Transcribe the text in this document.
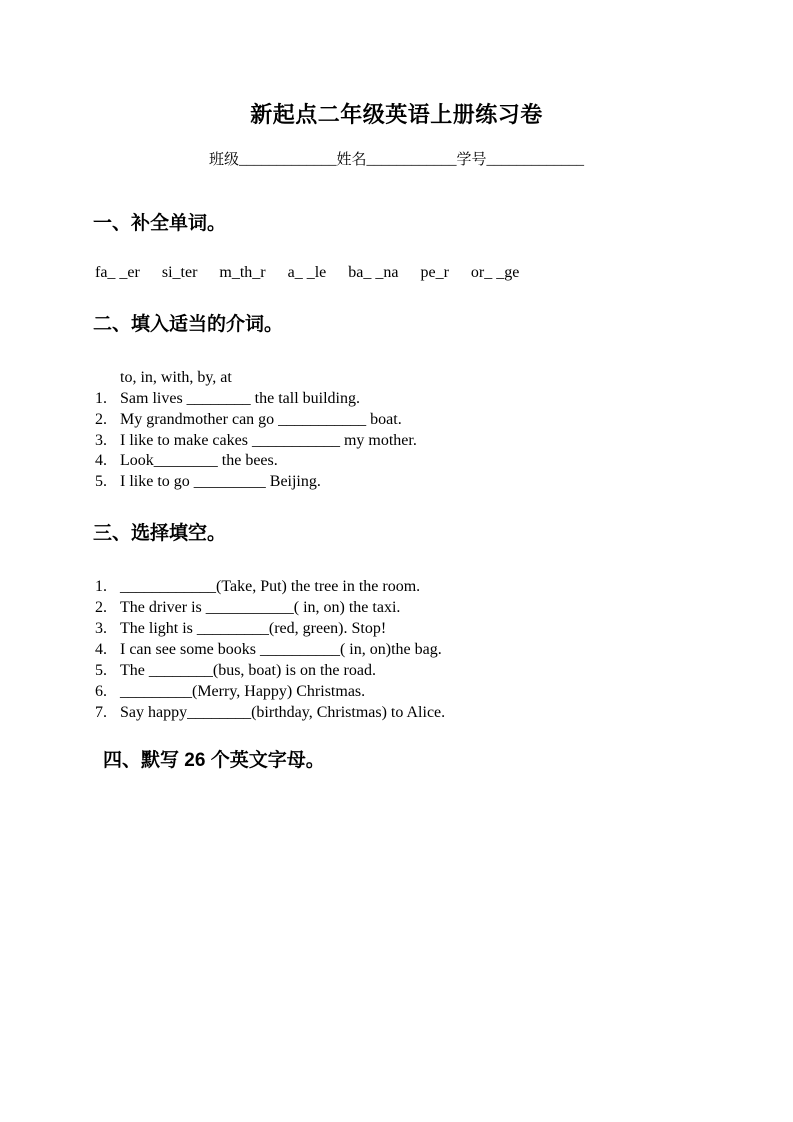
新起点二年级英语上册练习卷
班级_____________姓名____________学号_____________
一、补全单词。
fa_ _er si_ter m_th_r a_ _le ba_ _na pe_r or_ _ge
二、填入适当的介词。
to, in, with, by, at
1. Sam lives ________ the tall building.
2. My grandmother can go ___________ boat.
3. I like to make cakes ___________ my mother.
4. Look________ the bees.
5. I like to go _________ Beijing.
三、选择填空。
1. ____________(Take, Put) the tree in the room.
2. The driver is ___________( in, on) the taxi.
3. The light is _________(red, green). Stop!
4. I can see some books __________( in, on)the bag.
5. The ________(bus, boat) is on the road.
6. _________(Merry, Happy) Christmas.
7. Say happy________(birthday, Christmas) to Alice.
四、默写 26 个英文字母。
